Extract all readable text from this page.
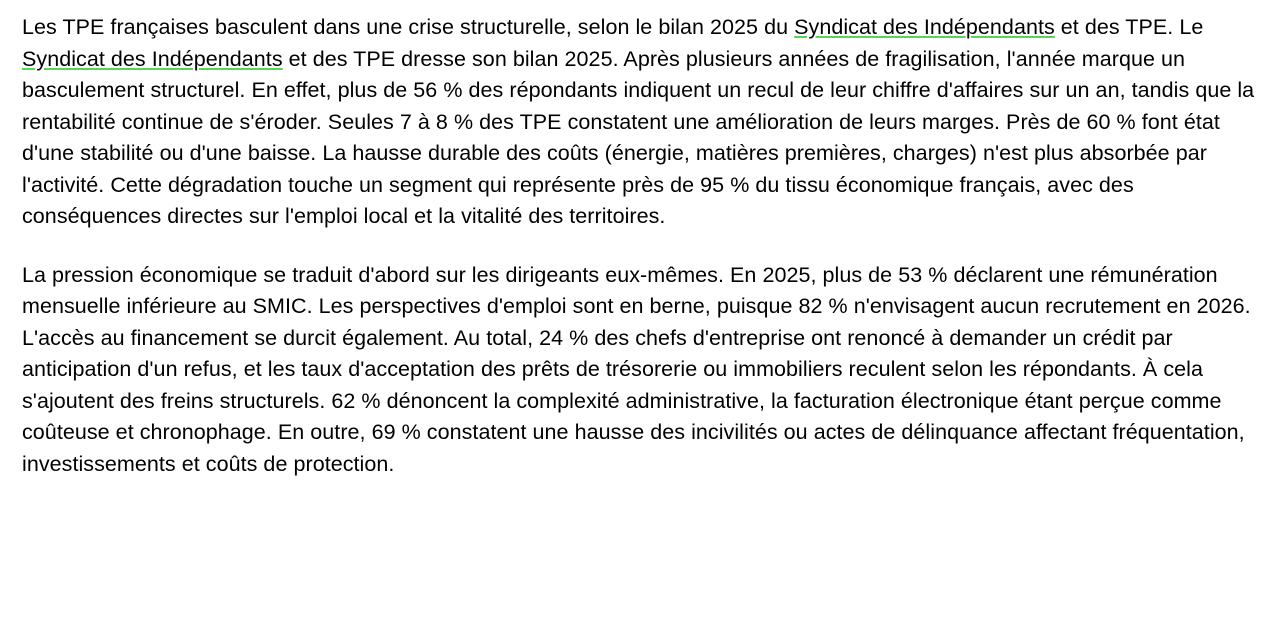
Les TPE françaises basculent dans une crise structurelle, selon le bilan 2025 du Syndicat des Indépendants et des TPE. Le Syndicat des Indépendants et des TPE dresse son bilan 2025. Après plusieurs années de fragilisation, l'année marque un basculement structurel. En effet, plus de 56 % des répondants indiquent un recul de leur chiffre d'affaires sur un an, tandis que la rentabilité continue de s'éroder. Seules 7 à 8 % des TPE constatent une amélioration de leurs marges. Près de 60 % font état d'une stabilité ou d'une baisse. La hausse durable des coûts (énergie, matières premières, charges) n'est plus absorbée par l'activité. Cette dégradation touche un segment qui représente près de 95 % du tissu économique français, avec des conséquences directes sur l'emploi local et la vitalité des territoires.

La pression économique se traduit d'abord sur les dirigeants eux-mêmes. En 2025, plus de 53 % déclarent une rémunération mensuelle inférieure au SMIC. Les perspectives d'emploi sont en berne, puisque 82 % n'envisagent aucun recrutement en 2026. L'accès au financement se durcit également. Au total, 24 % des chefs d'entreprise ont renoncé à demander un crédit par anticipation d'un refus, et les taux d'acceptation des prêts de trésorerie ou immobiliers reculent selon les répondants. À cela s'ajoutent des freins structurels. 62 % dénoncent la complexité administrative, la facturation électronique étant perçue comme coûteuse et chronophage. En outre, 69 % constatent une hausse des incivilités ou actes de délinquance affectant fréquentation, investissements et coûts de protection.
